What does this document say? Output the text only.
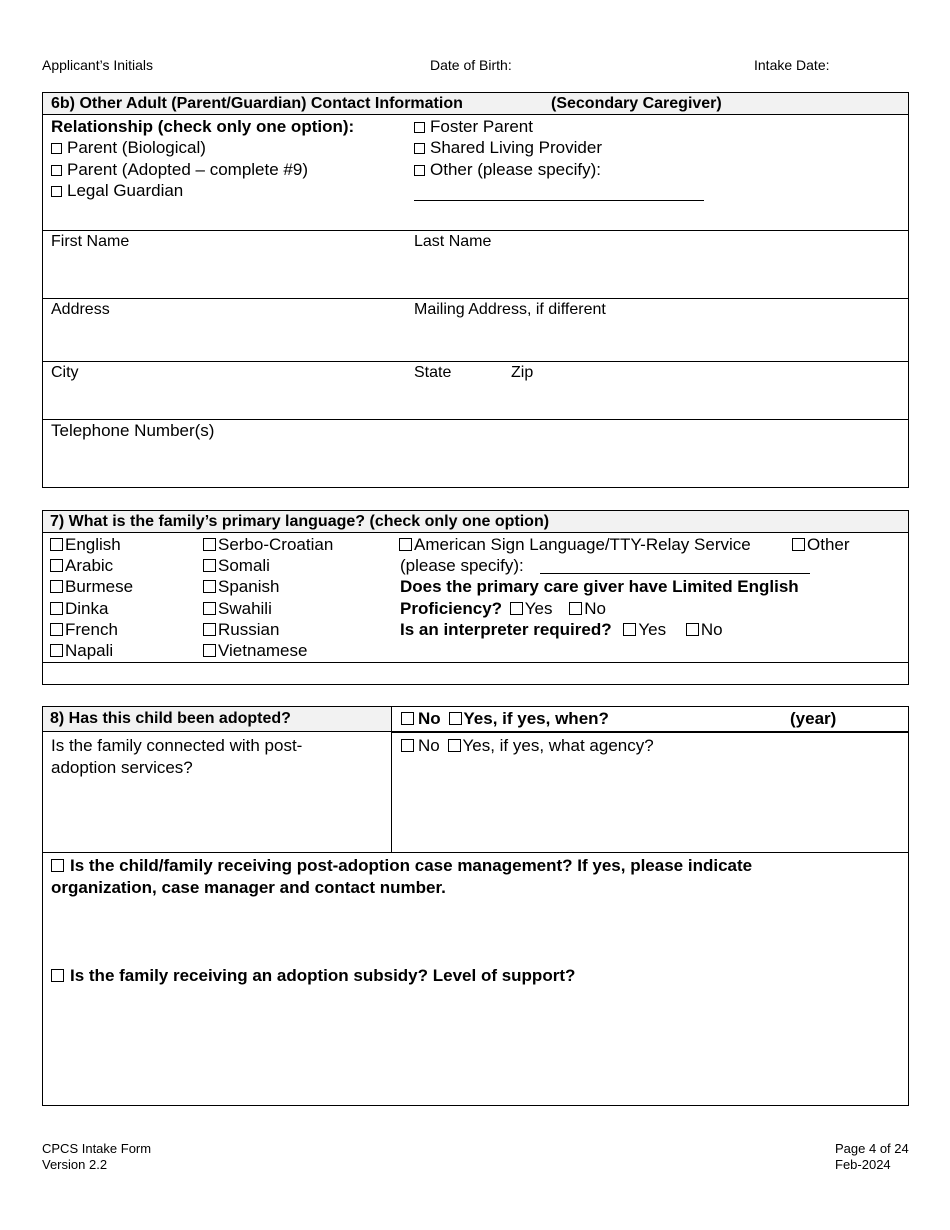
Applicant’s Initials	Date of Birth:	Intake Date:
6b) Other Adult (Parent/Guardian) Contact Information	(Secondary Caregiver)
Relationship (check only one option):
Parent (Biological)
Parent (Adopted – complete #9)
Legal Guardian
Foster Parent
Shared Living Provider
Other (please specify):
First Name	Last Name
Address	Mailing Address, if different
City	State	Zip
Telephone Number(s)
7) What is the family’s primary language? (check only one option)
English
Arabic
Burmese
Dinka
French
Napali
Serbo-Croatian
Somali
Spanish
Swahili
Russian
Vietnamese
American Sign Language/TTY-Relay Service	Other
(please specify):
Does the primary care giver have Limited English
Proficiency? Yes No
Is an interpreter required? Yes No
8) Has this child been adopted?	No Yes, if yes, when?	(year)
Is the family connected with post-
adoption services?
No Yes, if yes, what agency?
Is the child/family receiving post-adoption case management? If yes, please indicate
organization, case manager and contact number.
Is the family receiving an adoption subsidy? Level of support?
CPCS Intake Form
Version 2.2
Page 4 of 24
Feb-2024
